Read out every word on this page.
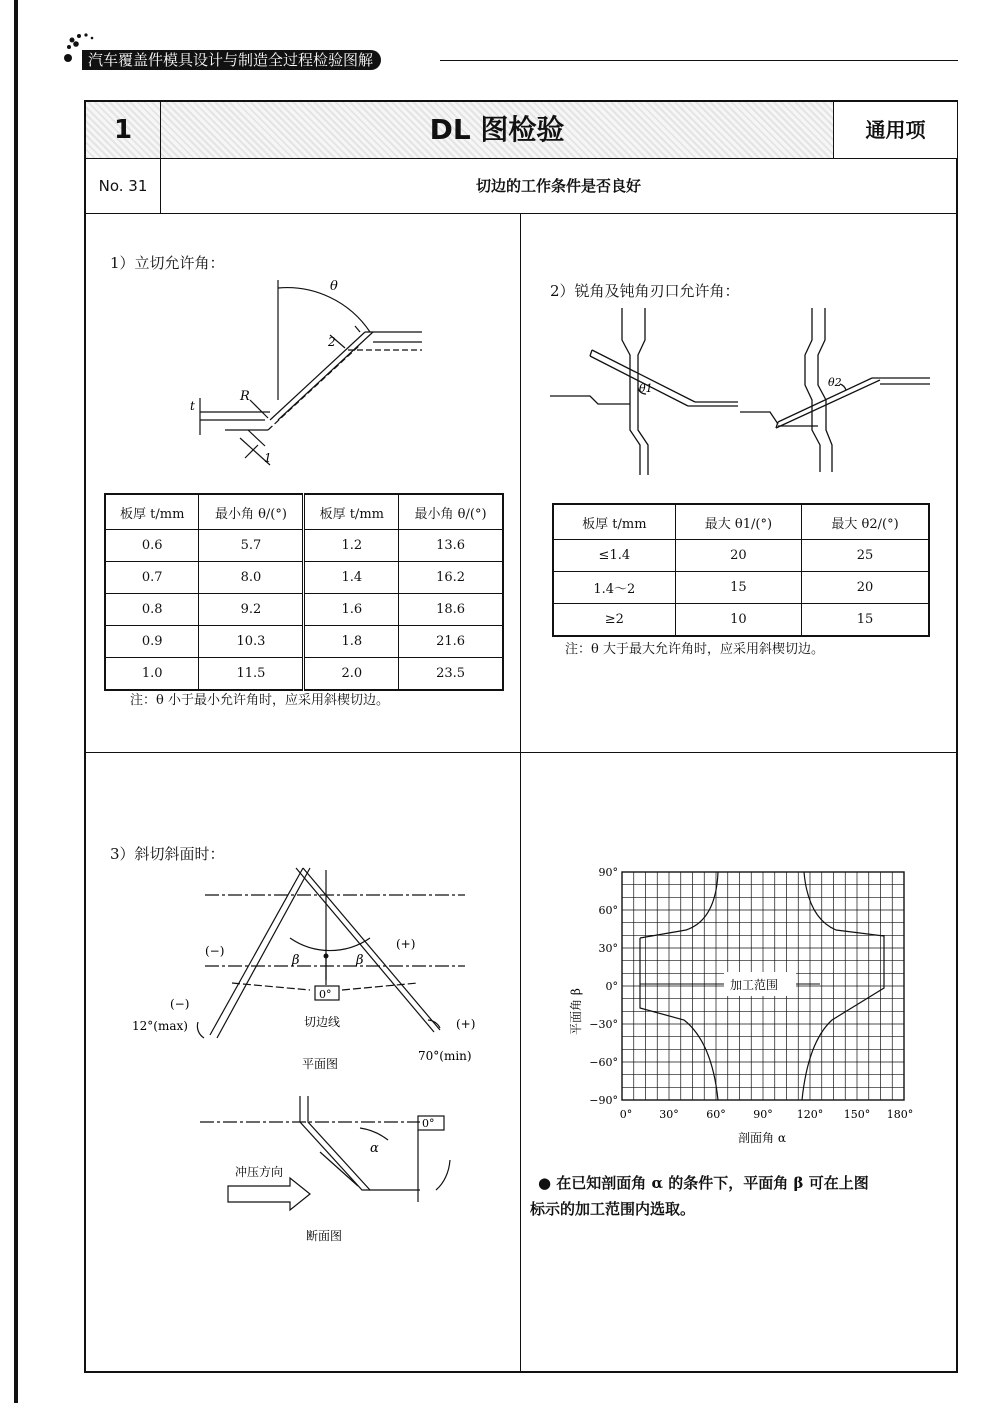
汽车覆盖件模具设计与制造全过程检验图解
1	DL 图检验	通用项
No. 31	切边的工作条件是否良好
1）立切允许角：
θ
R
t
1
2
板厚 t/mm	最小角 θ/(°)	板厚 t/mm	最小角 θ/(°)
0.6	5.7	1.2	13.6
0.7	8.0	1.4	16.2
0.8	9.2	1.6	18.6
0.9	10.3	1.8	21.6
1.0	11.5	2.0	23.5
注：θ 小于最小允许角时，应采用斜楔切边。
2）锐角及钝角刃口允许角：
θ1	θ2
板厚 t/mm	最大 θ1/(°)	最大 θ2/(°)
≤1.4	20	25
1.4～2	15	20
≥2	10	15
注：θ 大于最大允许角时，应采用斜楔切边。
3）斜切斜面时：
(−)
(−)
(+)
(+)
β	β
0°
切边线
12°(max)
70°(min)
平面图
0°
α
冲压方向
断面图
加工范围
90°
60°
30°
0°
−30°
−60°
−90°
0° 30°	60°	90° 120° 150° 180°
剖面角 α
平面角 β
● 在已知剖面角 α 的条件下，平面角 β 可在上图
标示的加工范围内选取。
